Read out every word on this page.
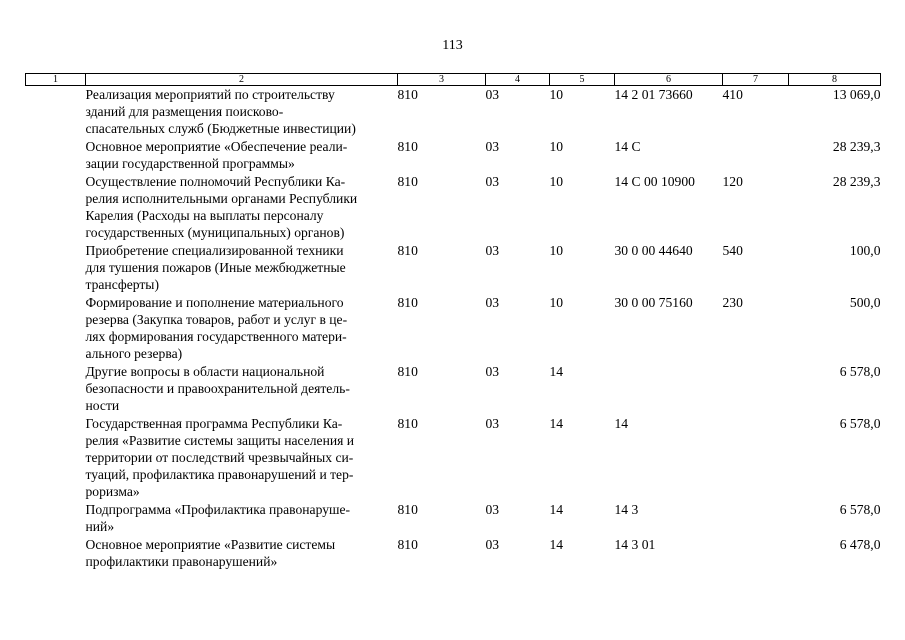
113
1	2	3	4	5	6	7	8

	Реализация мероприятий по строительству
зданий для размещения поисково-
спасательных служб (Бюджетные инвестиции)	810	03	10	14 2 01 73660	410	13 069,0

	Основное мероприятие «Обеспечение реали-
зации государственной программы»	810	03	10	14 С		28 239,3

	Осуществление полномочий Республики Ка-
релия исполнительными органами Республики
Карелия (Расходы на выплаты персоналу
государственных (муниципальных) органов)	810	03	10	14 С 00 10900	120	28 239,3

	Приобретение специализированной техники
для тушения пожаров (Иные межбюджетные
трансферты)	810	03	10	30 0 00 44640	540	100,0

	Формирование и пополнение материального
резерва (Закупка товаров, работ и услуг в це-
лях формирования государственного матери-
ального резерва)	810	03	10	30 0 00 75160	230	500,0

	Другие вопросы в области национальной
безопасности и правоохранительной деятель-
ности	810	03	14			6 578,0

	Государственная программа Республики Ка-
релия «Развитие системы защиты населения и
территории от последствий чрезвычайных си-
туаций, профилактика правонарушений и тер-
роризма»	810	03	14	14		6 578,0

	Подпрограмма «Профилактика правонаруше-
ний»	810	03	14	14 3		6 578,0

	Основное мероприятие «Развитие системы
профилактики правонарушений»	810	03	14	14 3 01		6 478,0
